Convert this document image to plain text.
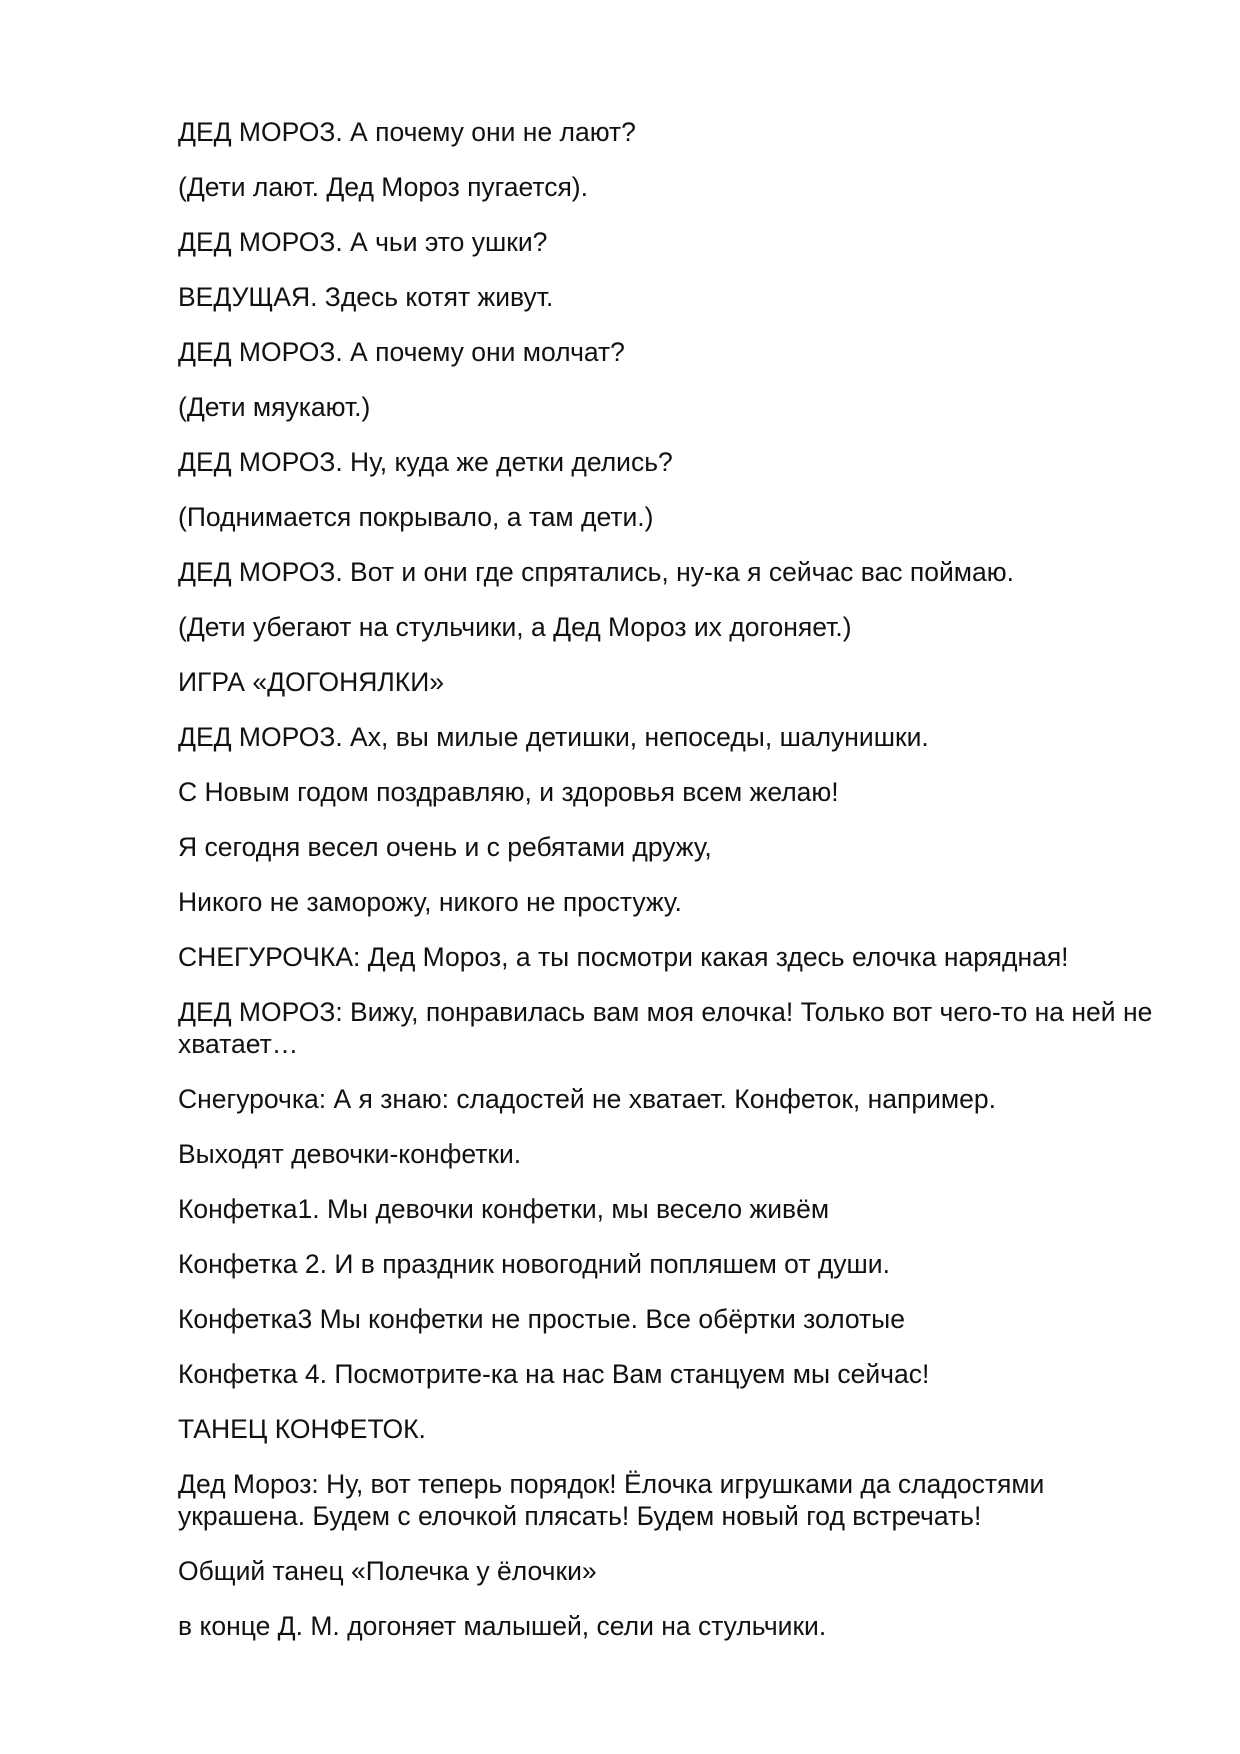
ДЕД МОРОЗ. А почему они не лают?

(Дети лают. Дед Мороз пугается).

ДЕД МОРОЗ. А чьи это ушки?

ВЕДУЩАЯ. Здесь котят живут.

ДЕД МОРОЗ. А почему они молчат?

(Дети мяукают.)

ДЕД МОРОЗ. Ну, куда же детки делись?

(Поднимается покрывало, а там дети.)

ДЕД МОРОЗ. Вот и они где спрятались, ну-ка я сейчас вас поймаю.

(Дети убегают на стульчики, а Дед Мороз их догоняет.)

ИГРА «ДОГОНЯЛКИ»

ДЕД МОРОЗ. Ах, вы милые детишки, непоседы, шалунишки.

С Новым годом поздравляю, и здоровья всем желаю!

Я сегодня весел очень и с ребятами дружу,

Никого не заморожу, никого не простужу.

СНЕГУРОЧКА: Дед Мороз, а ты посмотри какая здесь елочка нарядная!

ДЕД МОРОЗ: Вижу, понравилась вам моя елочка! Только вот чего-то на ней не хватает…

Снегурочка: А я знаю: сладостей не хватает. Конфеток, например.

Выходят девочки-конфетки.

Конфетка1. Мы девочки конфетки, мы весело живём

Конфетка 2. И в праздник новогодний попляшем от души.

Конфетка3 Мы конфетки не простые. Все обёртки золотые

Конфетка 4. Посмотрите-ка на нас Вам станцуем мы сейчас!

ТАНЕЦ КОНФЕТОК.

Дед Мороз: Ну, вот теперь порядок! Ёлочка игрушками да сладостями украшена. Будем с елочкой плясать! Будем новый год встречать!

Общий танец «Полечка у ёлочки»

в конце Д. М. догоняет малышей, сели на стульчики.
